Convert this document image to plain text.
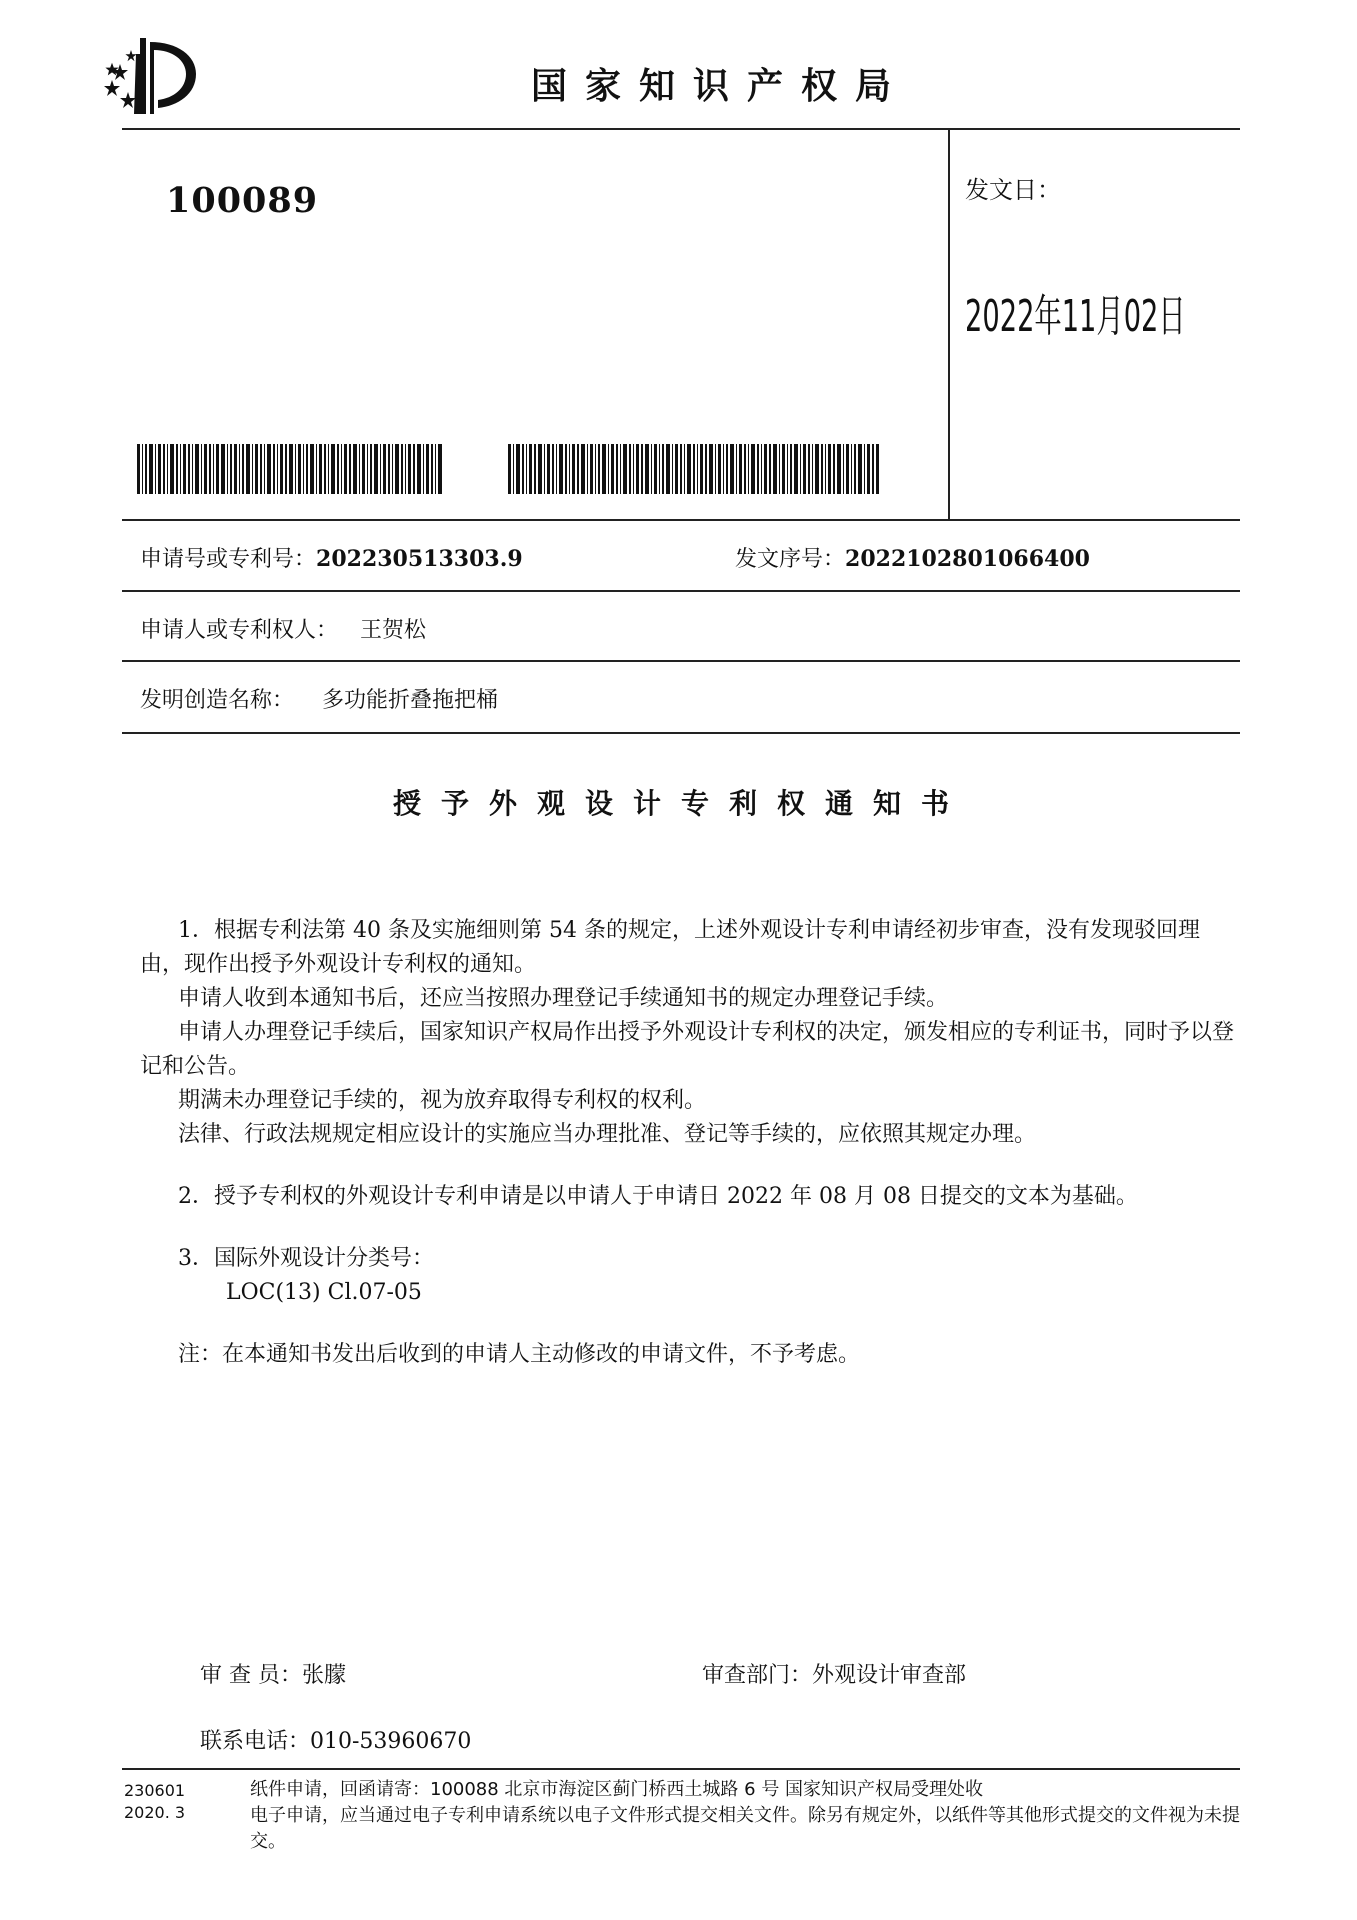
国家知识产权局
100089	发文日：
2022年11月02日
申请号或专利号：202230513303.9	发文序号：2022102801066400
申请人或专利权人： 王贺松
发明创造名称： 多功能折叠拖把桶
授予外观设计专利权通知书

1．根据专利法第 40 条及实施细则第 54 条的规定，上述外观设计专利申请经初步审查，没有发现驳回理由，现作出授予外观设计专利权的通知。

申请人收到本通知书后，还应当按照办理登记手续通知书的规定办理登记手续。

申请人办理登记手续后，国家知识产权局作出授予外观设计专利权的决定，颁发相应的专利证书，同时予以登记和公告。

期满未办理登记手续的，视为放弃取得专利权的权利。

法律、行政法规规定相应设计的实施应当办理批准、登记等手续的，应依照其规定办理。

2．授予专利权的外观设计专利申请是以申请人于申请日 2022 年 08 月 08 日提交的文本为基础。

3．国际外观设计分类号：

LOC(13) Cl.07-05

注：在本通知书发出后收到的申请人主动修改的申请文件，不予考虑。

审 查 员：张朦	审查部门：外观设计审查部
联系电话：010-53960670
230601
2020. 3
纸件申请，回函请寄：100088 北京市海淀区蓟门桥西土城路 6 号 国家知识产权局受理处收
电子申请，应当通过电子专利申请系统以电子文件形式提交相关文件。除另有规定外，以纸件等其他形式提交的文件视为未提交。
